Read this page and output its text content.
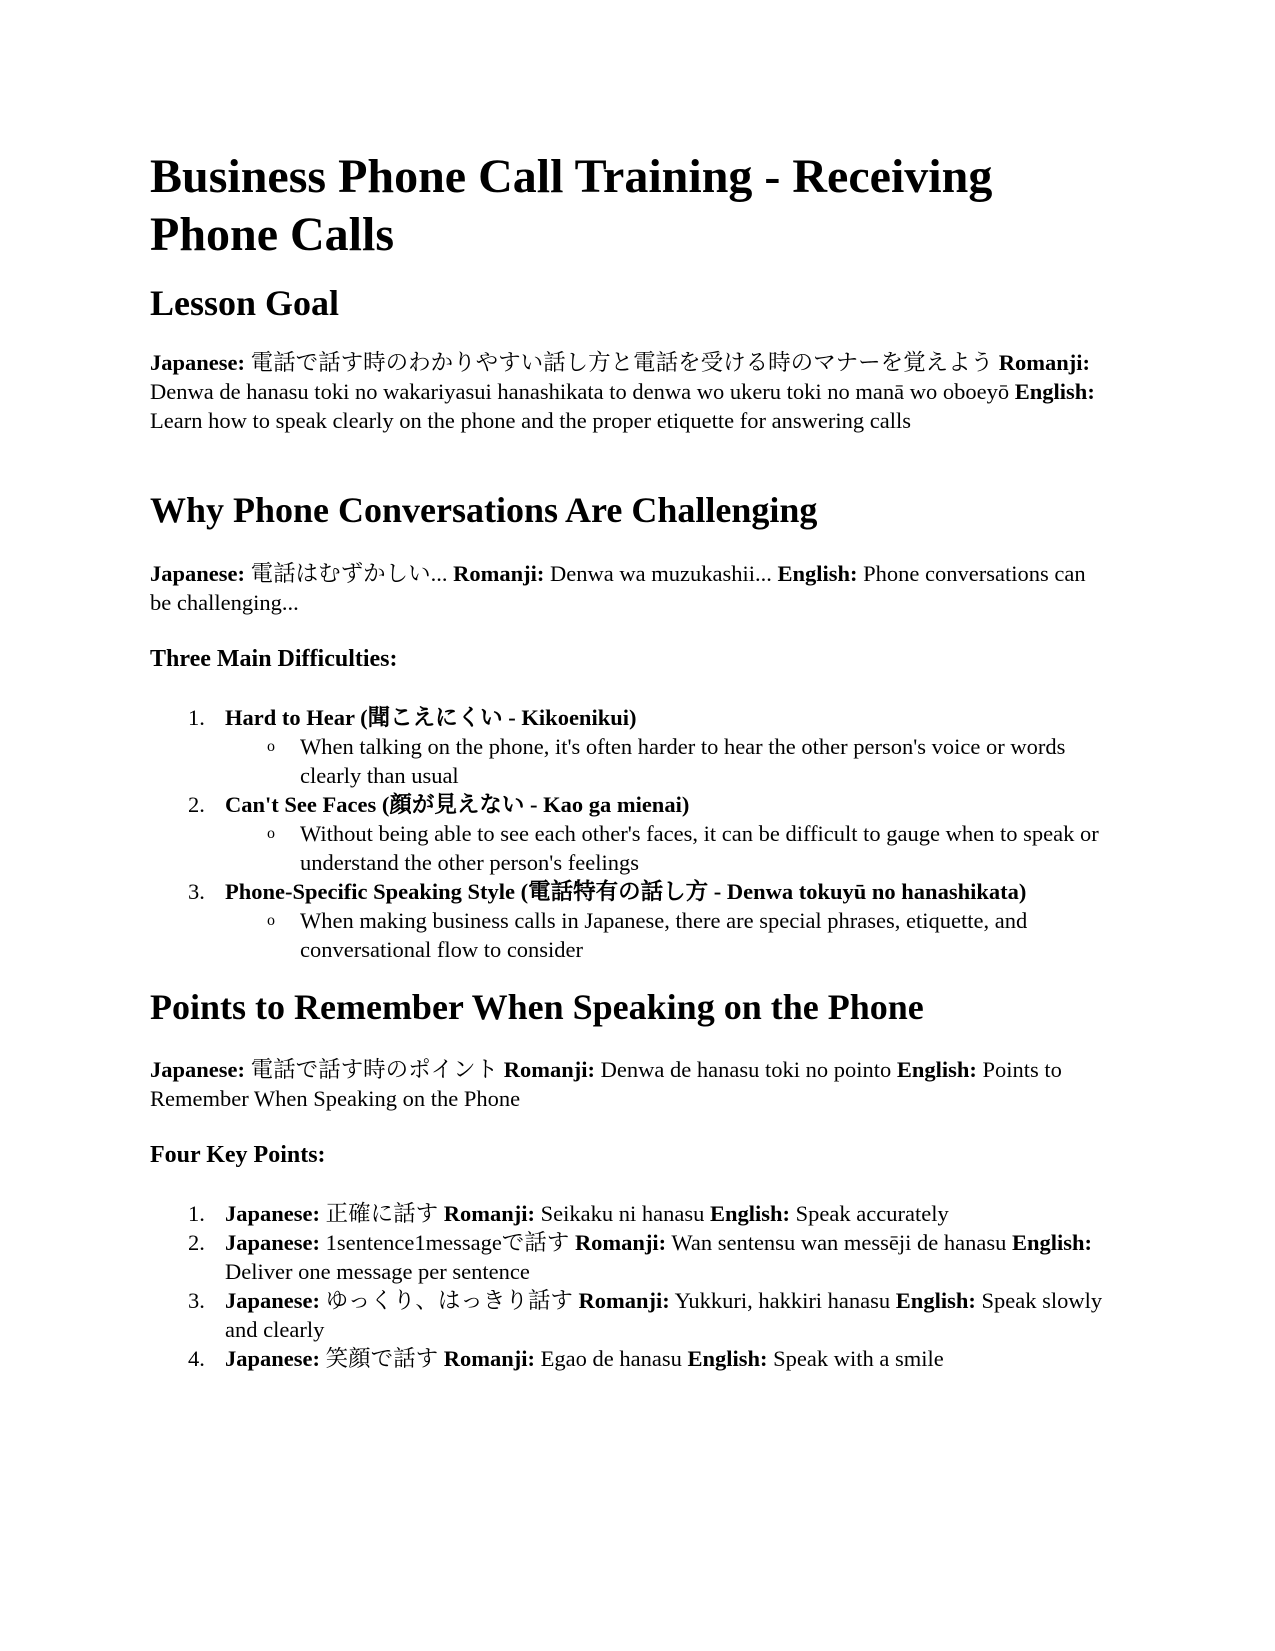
Business Phone Call Training - Receiving Phone Calls
Lesson Goal

Japanese: 電話で話す時のわかりやすい話し方と電話を受ける時のマナーを覚えよう Romanji: Denwa de hanasu toki no wakariyasui hanashikata to denwa wo ukeru toki no manā wo oboeyō English: Learn how to speak clearly on the phone and the proper etiquette for answering calls

Why Phone Conversations Are Challenging

Japanese: 電話はむずかしい... Romanji: Denwa wa muzukashii... English: Phone conversations can be challenging...

Three Main Difficulties:
1. Hard to Hear (聞こえにくい - Kikoenikui)
o When talking on the phone, it's often harder to hear the other person's voice or words clearly than usual
2. Can't See Faces (顔が見えない - Kao ga mienai)
o Without being able to see each other's faces, it can be difficult to gauge when to speak or understand the other person's feelings
3. Phone-Specific Speaking Style (電話特有の話し方 - Denwa tokuyū no hanashikata)
o When making business calls in Japanese, there are special phrases, etiquette, and conversational flow to consider
Points to Remember When Speaking on the Phone

Japanese: 電話で話す時のポイント Romanji: Denwa de hanasu toki no pointo English: Points to Remember When Speaking on the Phone

Four Key Points:
1. Japanese: 正確に話す Romanji: Seikaku ni hanasu English: Speak accurately
2. Japanese: 1sentence1messageで話す Romanji: Wan sentensu wan messēji de hanasu English: Deliver one message per sentence
3. Japanese: ゆっくり、はっきり話す Romanji: Yukkuri, hakkiri hanasu English: Speak slowly and clearly
4. Japanese: 笑顔で話す Romanji: Egao de hanasu English: Speak with a smile
